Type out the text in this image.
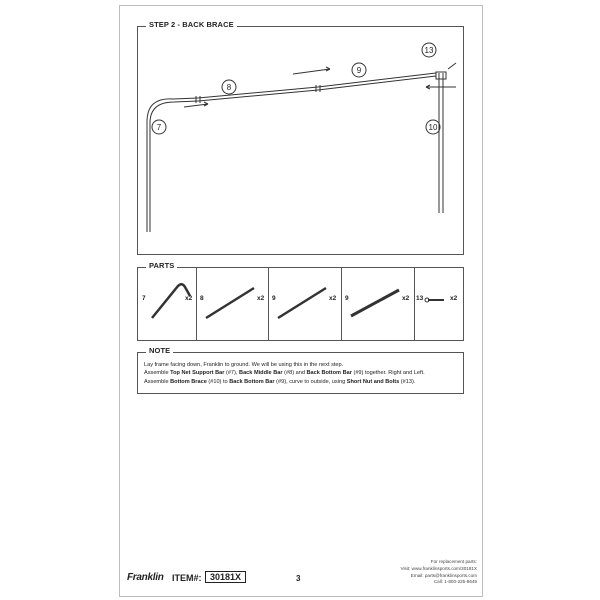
STEP 2 - BACK BRACE
7
8
9
10
13
PARTS
7	x2 8	x2 9	x2 9	x2 13	x2
NOTE
Lay frame facing down, Franklin to ground. We will be using this in the next step.
Assemble Top Net Support Bar (#7), Back Middle Bar (#8) and Back Bottom Bar (#9) together. Right and Left.
Assemble Bottom Brace (#10) to Back Bottom Bar (#9), curve to outside, using Short Nut and Bolts (#13).
Franklin ITEM#: 30181X	3
For replacement parts:
Visit: www.franklinsports.com/30181X
Email: parts@franklinsports.com
Call: 1-800-225-8649
